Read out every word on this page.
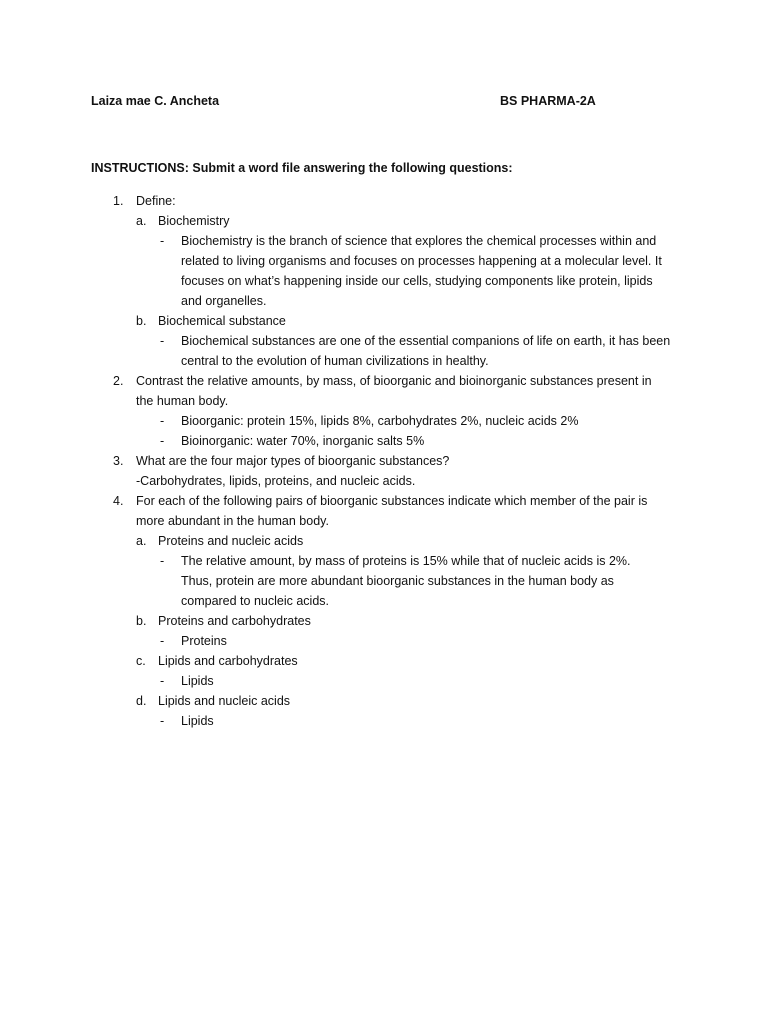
Laiza mae C. Ancheta	BS PHARMA-2A
INSTRUCTIONS: Submit a word file answering the following questions:
1. Define:
a. Biochemistry
- Biochemistry is the branch of science that explores the chemical processes within and
related to living organisms and focuses on processes happening at a molecular level. It
focuses on what’s happening inside our cells, studying components like protein, lipids
and organelles.
b. Biochemical substance
- Biochemical substances are one of the essential companions of life on earth, it has been
central to the evolution of human civilizations in healthy.
2. Contrast the relative amounts, by mass, of bioorganic and bioinorganic substances present in
the human body.
- Bioorganic: protein 15%, lipids 8%, carbohydrates 2%, nucleic acids 2%
- Bioinorganic: water 70%, inorganic salts 5%
3. What are the four major types of bioorganic substances?
-Carbohydrates, lipids, proteins, and nucleic acids.
4. For each of the following pairs of bioorganic substances indicate which member of the pair is
more abundant in the human body.
a. Proteins and nucleic acids
- The relative amount, by mass of proteins is 15% while that of nucleic acids is 2%.
Thus, protein are more abundant bioorganic substances in the human body as
compared to nucleic acids.
b. Proteins and carbohydrates
- Proteins
c. Lipids and carbohydrates
- Lipids
d. Lipids and nucleic acids
- Lipids
